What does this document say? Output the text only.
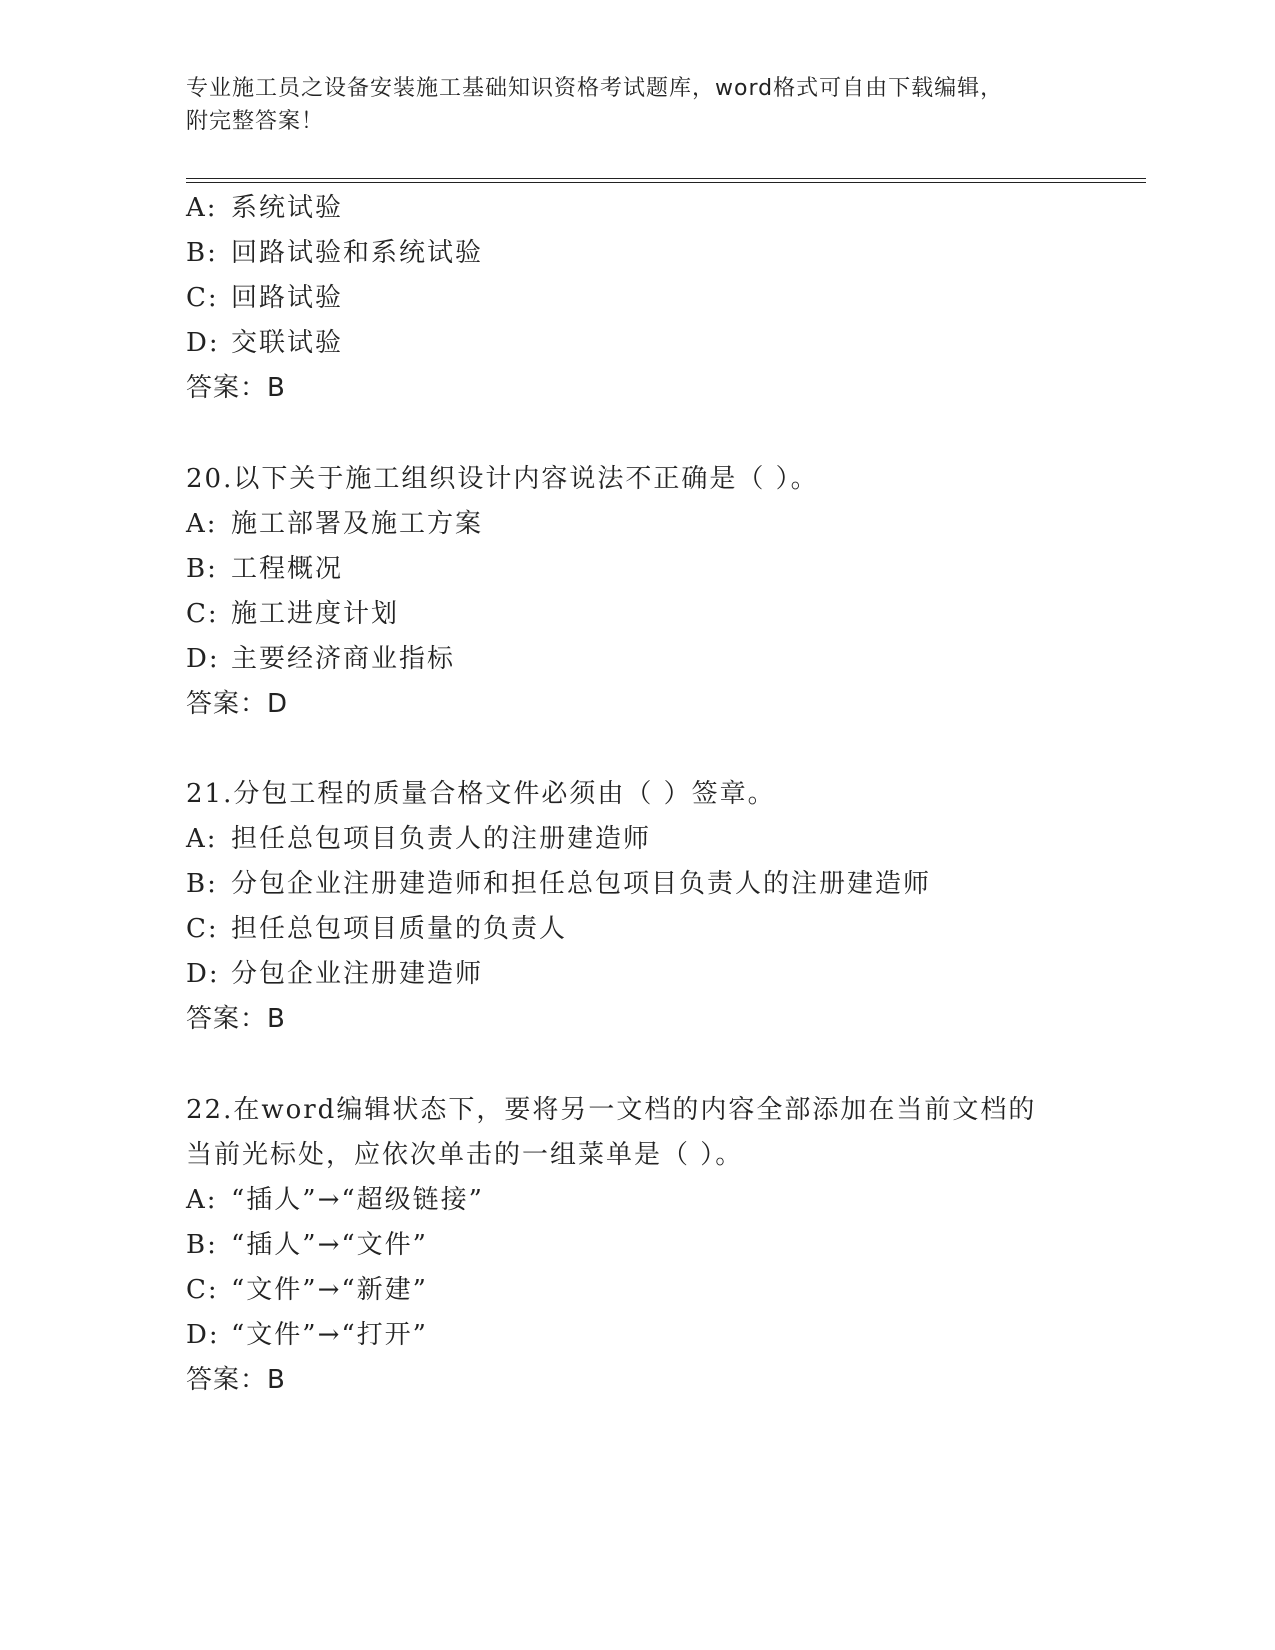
专业施工员之设备安装施工基础知识资格考试题库，word格式可自由下载编辑，
附完整答案！
A: 系统试验
B: 回路试验和系统试验
C: 回路试验
D: 交联试验
答案：B
20.以下关于施工组织设计内容说法不正确是（ ）。
A: 施工部署及施工方案
B: 工程概况
C: 施工进度计划
D: 主要经济商业指标
答案：D
21.分包工程的质量合格文件必须由（ ）签章。
A: 担任总包项目负责人的注册建造师
B: 分包企业注册建造师和担任总包项目负责人的注册建造师
C: 担任总包项目质量的负责人
D: 分包企业注册建造师
答案：B
22.在word编辑状态下，要将另一文档的内容全部添加在当前文档的
当前光标处，应依次单击的一组菜单是（ ）。
A: “插人”→“超级链接”
B: “插人”→“文件”
C: “文件”→“新建”
D: “文件”→“打开”
答案：B
